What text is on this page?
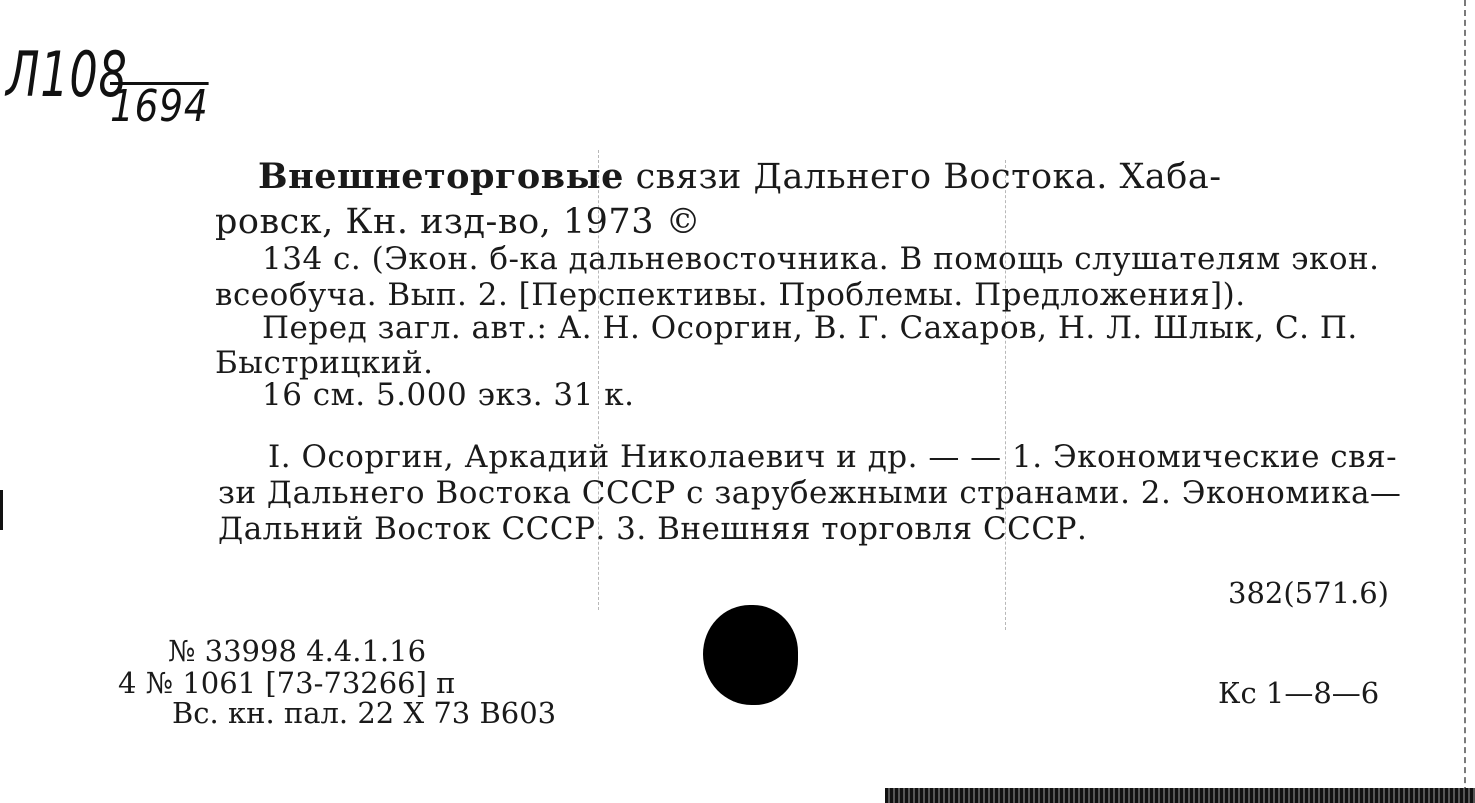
Л108
1694
Внешнеторговые связи Дальнего Востока. Хаба-
ровск, Кн. изд-во, 1973 ©
134 с. (Экон. б-ка дальневосточника. В помощь слушателям экон.
всеобуча. Вып. 2. [Перспективы. Проблемы. Предложения]).
Перед загл. авт.: А. Н. Осоргин, В. Г. Сахаров, Н. Л. Шлык, С. П.
Быстрицкий.
16 см. 5.000 экз. 31 к.
I. Осоргин, Аркадий Николаевич и др. — — 1. Экономические свя-
зи Дальнего Востока СССР с зарубежными странами. 2. Экономика—
Дальний Восток СССР. 3. Внешняя торговля СССР.
382(571.6)
№ 33998 4.4.1.16
4 № 1061 [73-73266] п
Вс. кн. пал. 22 X 73 B603
Кс 1—8—6
